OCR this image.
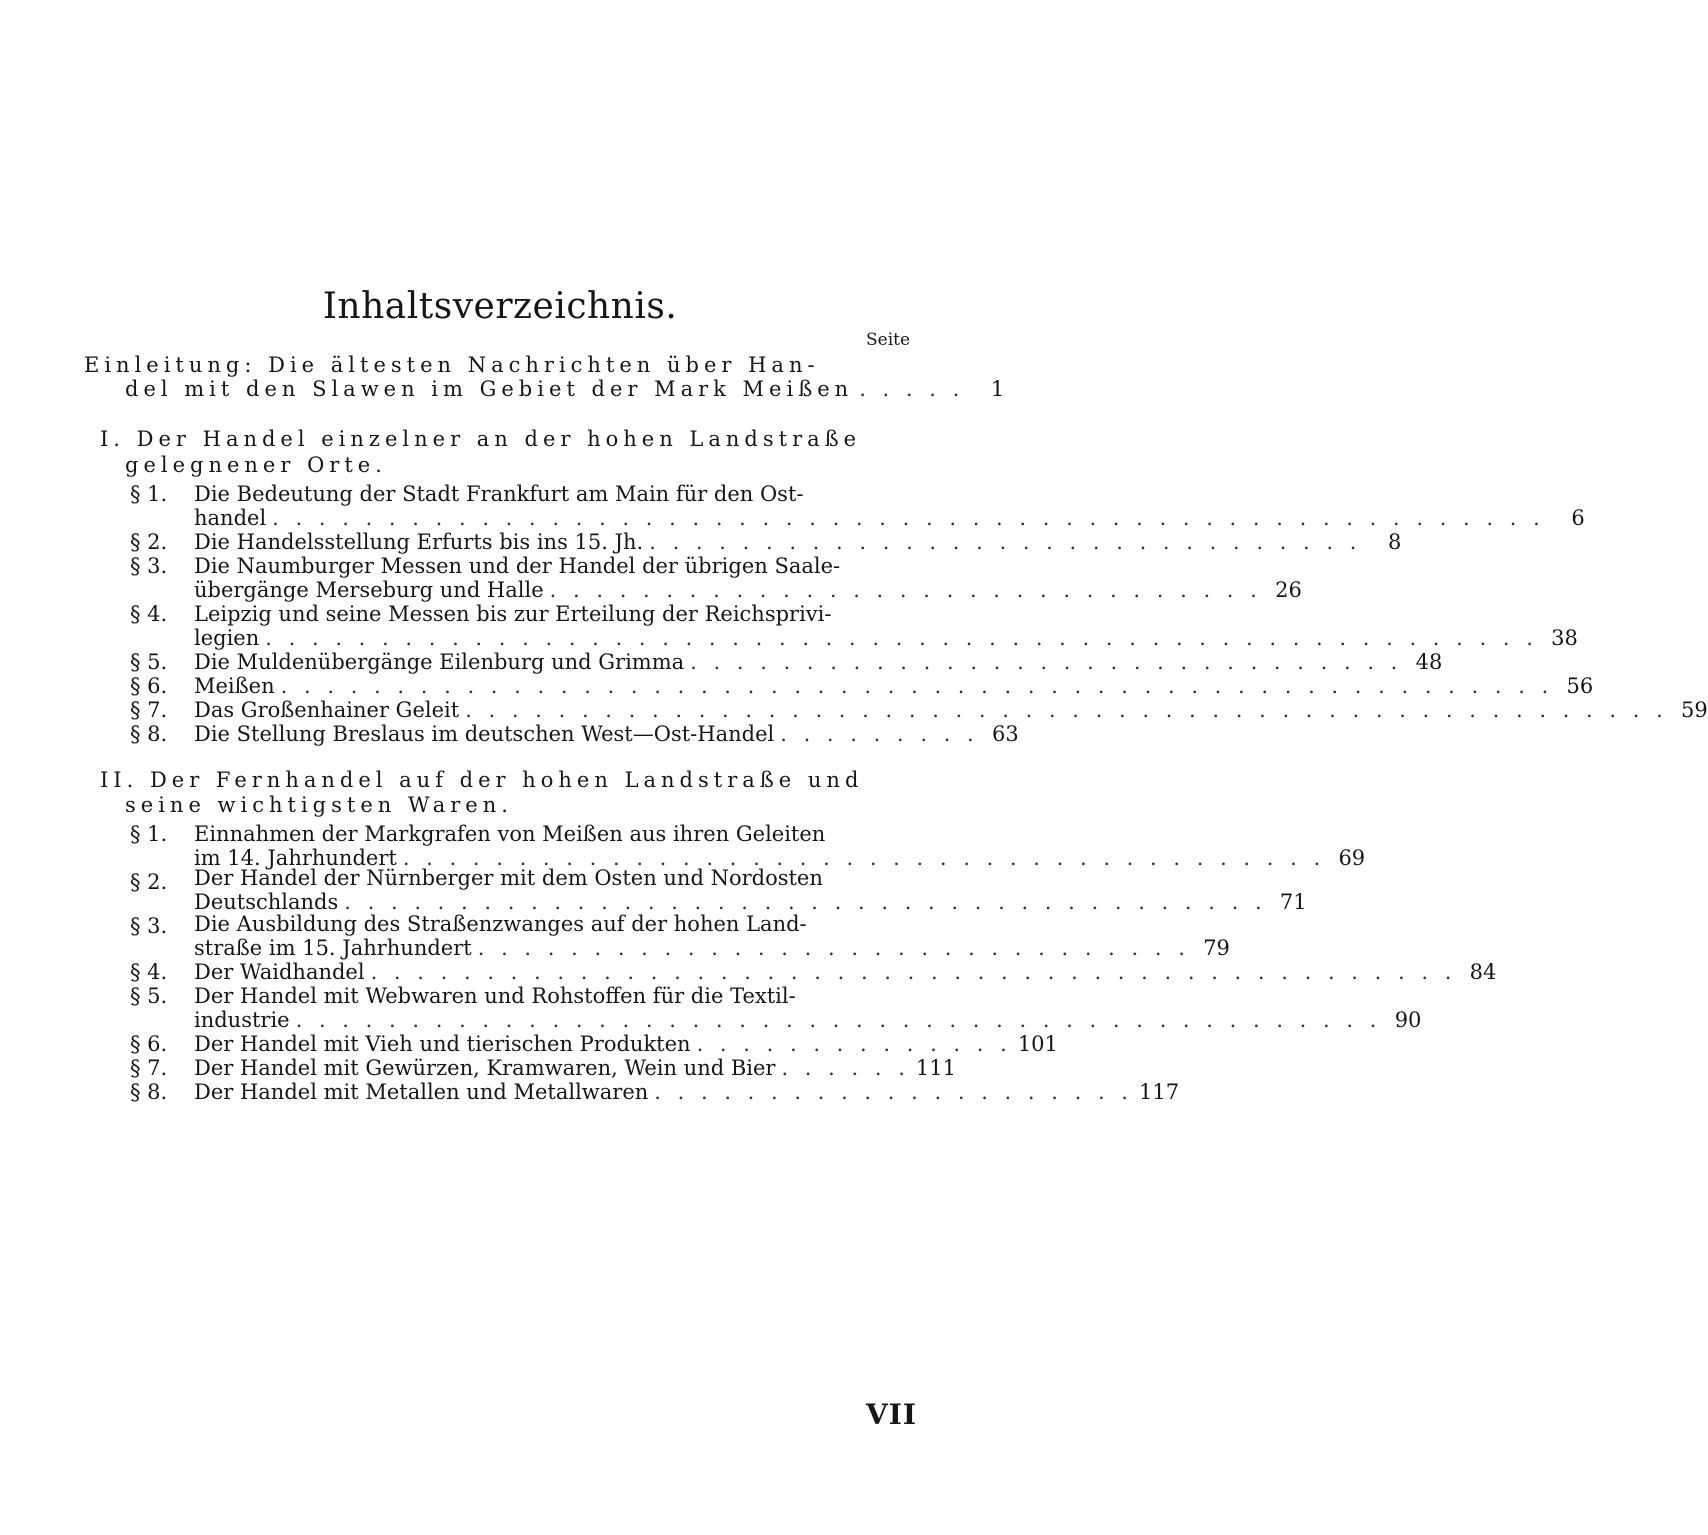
Inhaltsverzeichnis.
Seite
Einleitung: Die ältesten Nachrichten über Han-
del mit den Slawen im Gebiet der Mark Meißen . . . . .	1
I. Der Handel einzelner an der hohen Landstraße
gelegnener Orte.
§ 1. Die Bedeutung der Stadt Frankfurt am Main für den Ost-
handel . . . . . . . . . . . . . . . . . . . . . . . . . . . . . . . . . . . . . . . . . . . . . . . . . . . . . . .	6
§ 2. Die Handelsstellung Erfurts bis ins 15. Jh. . . . . . . . . . . . . . . . . . . . . . . . . . . . . . . .	8
§ 3. Die Naumburger Messen und der Handel der übrigen Saale-
übergänge Merseburg und Halle . . . . . . . . . . . . . . . . . . . . . . . . . . . . . . . 26
§ 4. Leipzig und seine Messen bis zur Erteilung der Reichsprivi-
legien . . . . . . . . . . . . . . . . . . . . . . . . . . . . . . . . . . . . . . . . . . . . . . . . . . . . . . . 38
§ 5. Die Muldenübergänge Eilenburg und Grimma . . . . . . . . . . . . . . . . . . . . . . . . . . . . . . . 48
§ 6. Meißen . . . . . . . . . . . . . . . . . . . . . . . . . . . . . . . . . . . . . . . . . . . . . . . . . . . . . . . 56
§ 7. Das Großenhainer Geleit . . . . . . . . . . . . . . . . . . . . . . . . . . . . . . . . . . . . . . . . . . . . . . . . . . . . 59
§ 8. Die Stellung Breslaus im deutschen West—Ost-Handel . . . . . . . . . 63
II. Der Fernhandel auf der hohen Landstraße und
seine wichtigsten Waren.
§ 1. Einnahmen der Markgrafen von Meißen aus ihren Geleiten
im 14. Jahrhundert . . . . . . . . . . . . . . . . . . . . . . . . . . . . . . . . . . . . . . . . 69
§ 2. Der Handel der Nürnberger mit dem Osten und Nordosten
Deutschlands . . . . . . . . . . . . . . . . . . . . . . . . . . . . . . . . . . . . . . . . 71
§ 3. Die Ausbildung des Straßenzwanges auf der hohen Land-
straße im 15. Jahrhundert . . . . . . . . . . . . . . . . . . . . . . . . . . . . . . . 79
§ 4. Der Waidhandel . . . . . . . . . . . . . . . . . . . . . . . . . . . . . . . . . . . . . . . . . . . . . . . 84
§ 5. Der Handel mit Webwaren und Rohstoffen für die Textil-
industrie . . . . . . . . . . . . . . . . . . . . . . . . . . . . . . . . . . . . . . . . . . . . . . . 90
§ 6. Der Handel mit Vieh und tierischen Produkten . . . . . . . . . . . . . . 101
§ 7. Der Handel mit Gewürzen, Kramwaren, Wein und Bier . . . . . . 111
§ 8. Der Handel mit Metallen und Metallwaren . . . . . . . . . . . . . . . . . . . . . 117
VII
